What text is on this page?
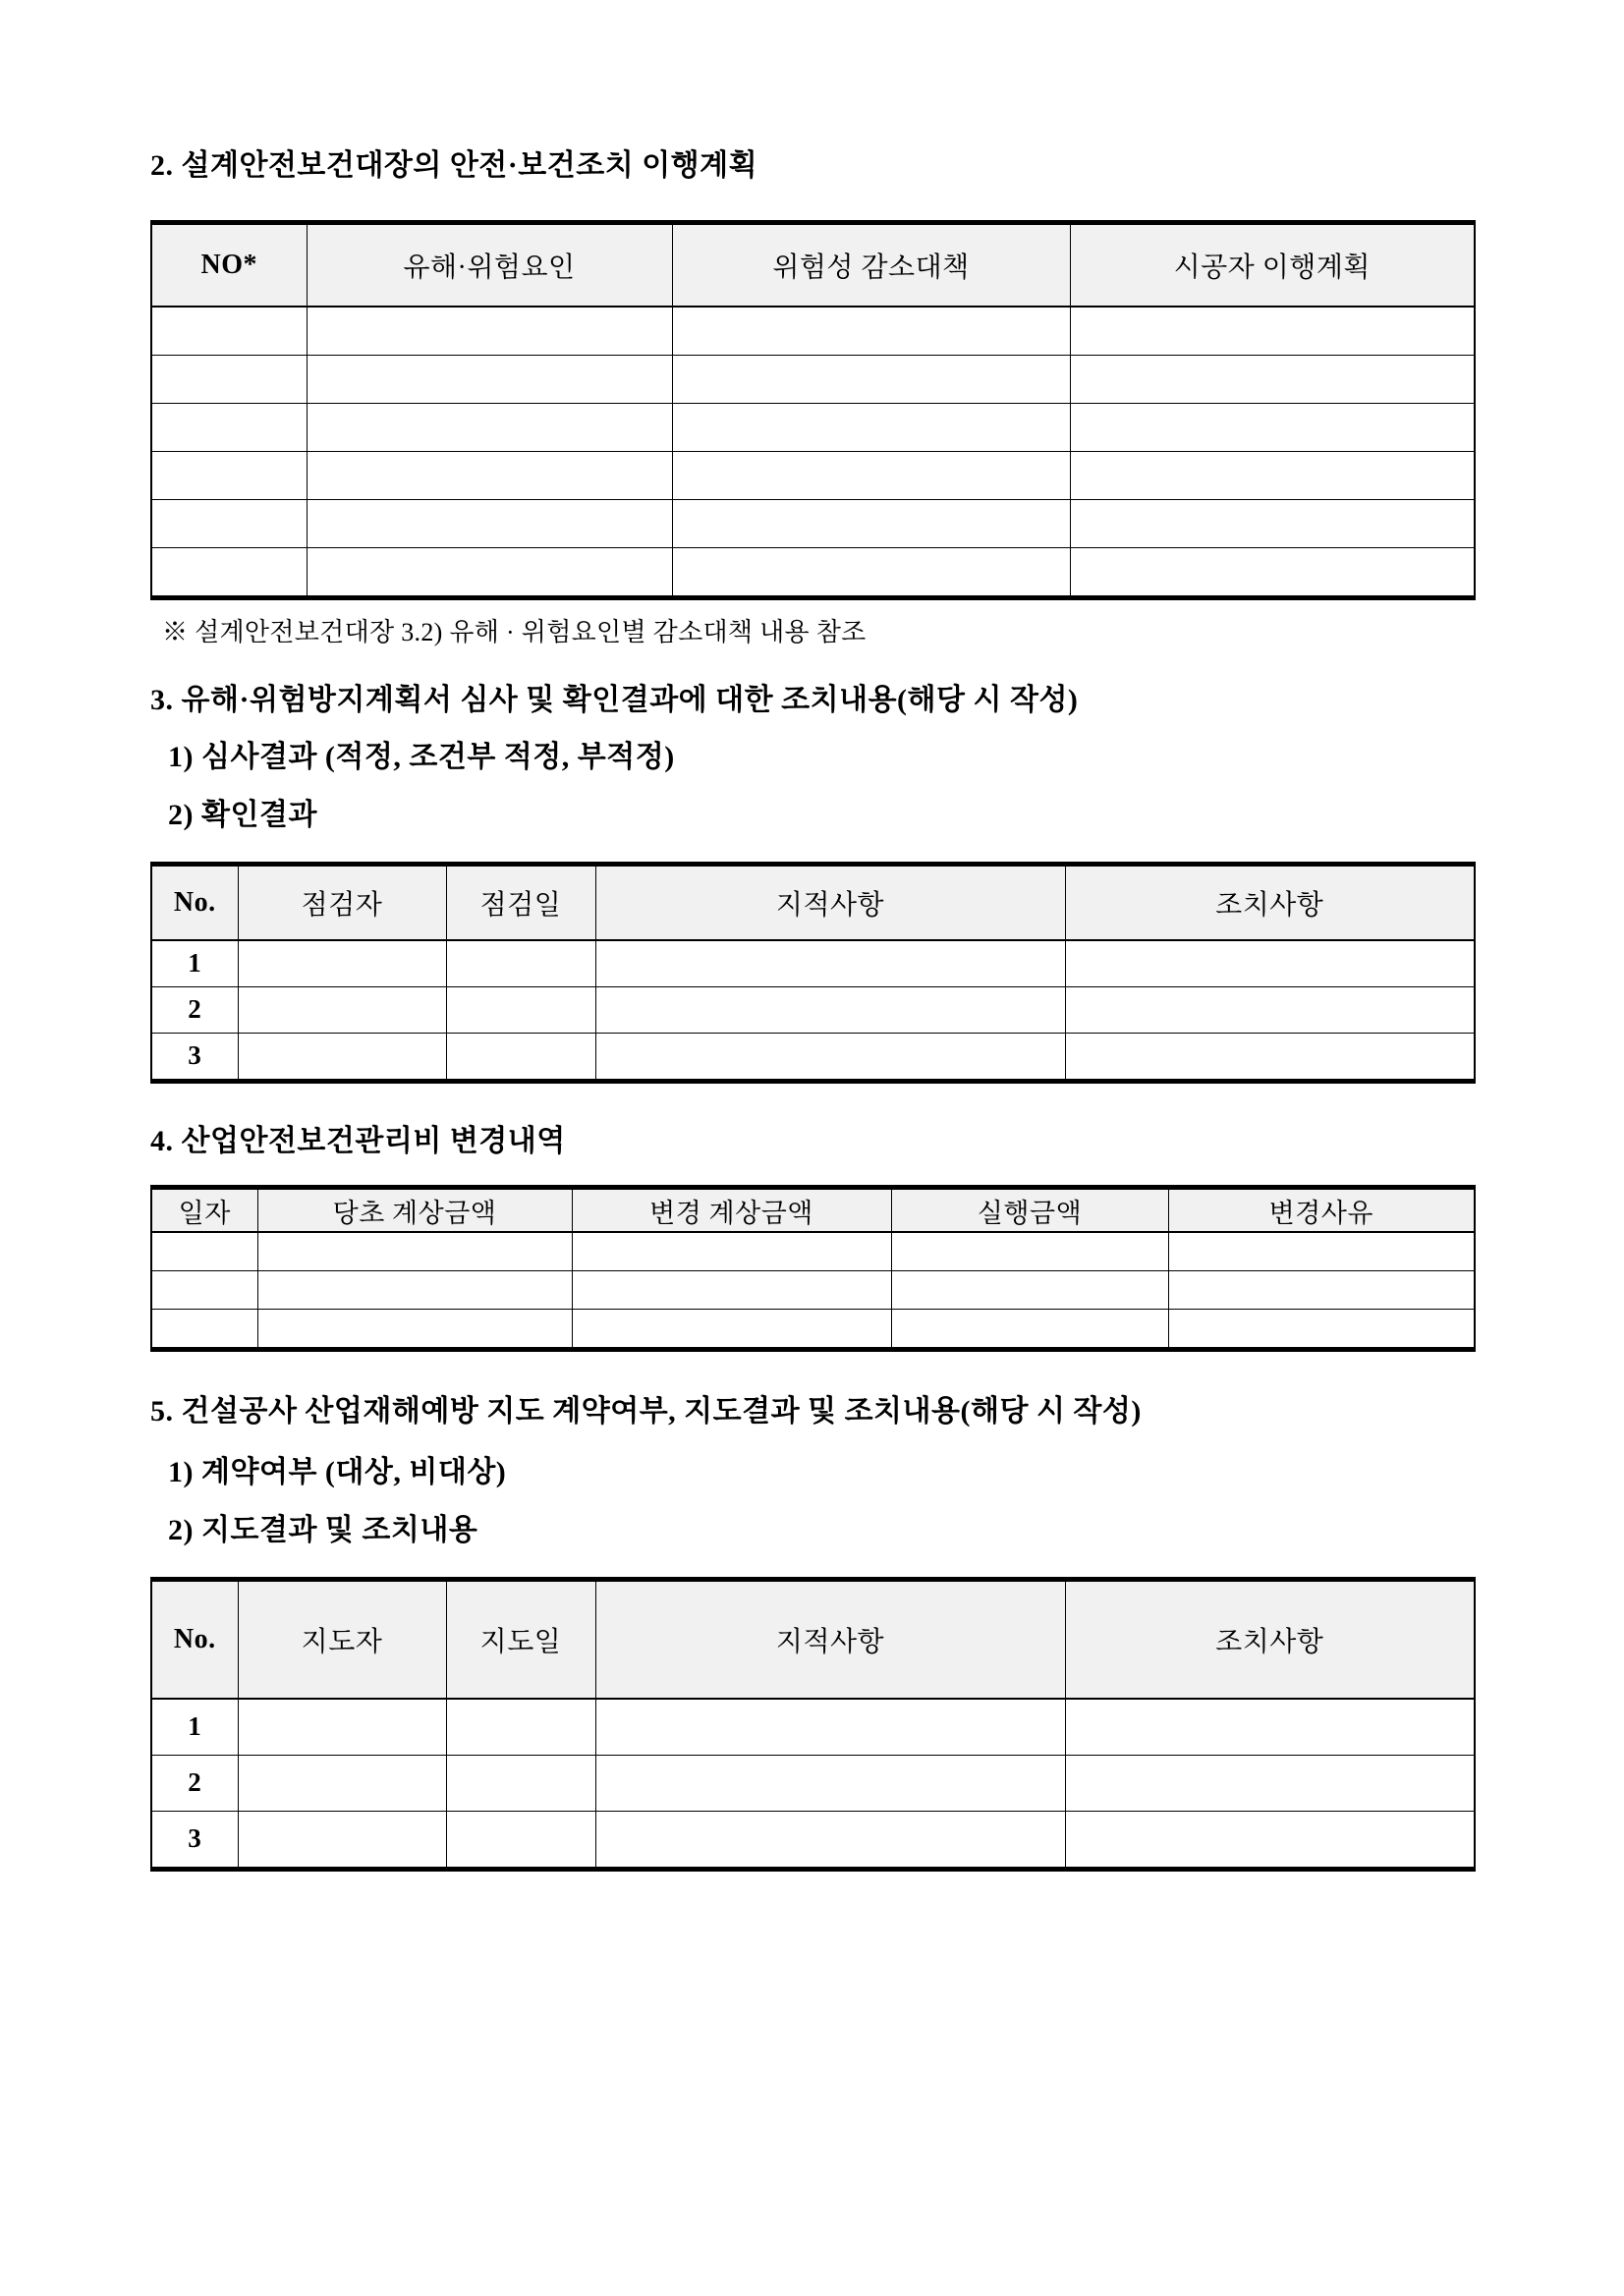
2. 설계안전보건대장의 안전·보건조치 이행계획

NO*	유해·위험요인	위험성 감소대책	시공자 이행계획

※ 설계안전보건대장 3.2) 유해 · 위험요인별 감소대책 내용 참조

3. 유해·위험방지계획서 심사 및 확인결과에 대한 조치내용(해당 시 작성)

1) 심사결과 (적정, 조건부 적정, 부적정)

2) 확인결과

No.	점검자	점검일	지적사항	조치사항
1				
2				
3				

4. 산업안전보건관리비 변경내역

일자	당초 계상금액	변경 계상금액	실행금액	변경사유

5. 건설공사 산업재해예방 지도 계약여부, 지도결과 및 조치내용(해당 시 작성)

1) 계약여부 (대상, 비대상)

2) 지도결과 및 조치내용

No.	지도자	지도일	지적사항	조치사항
1				
2				
3				
